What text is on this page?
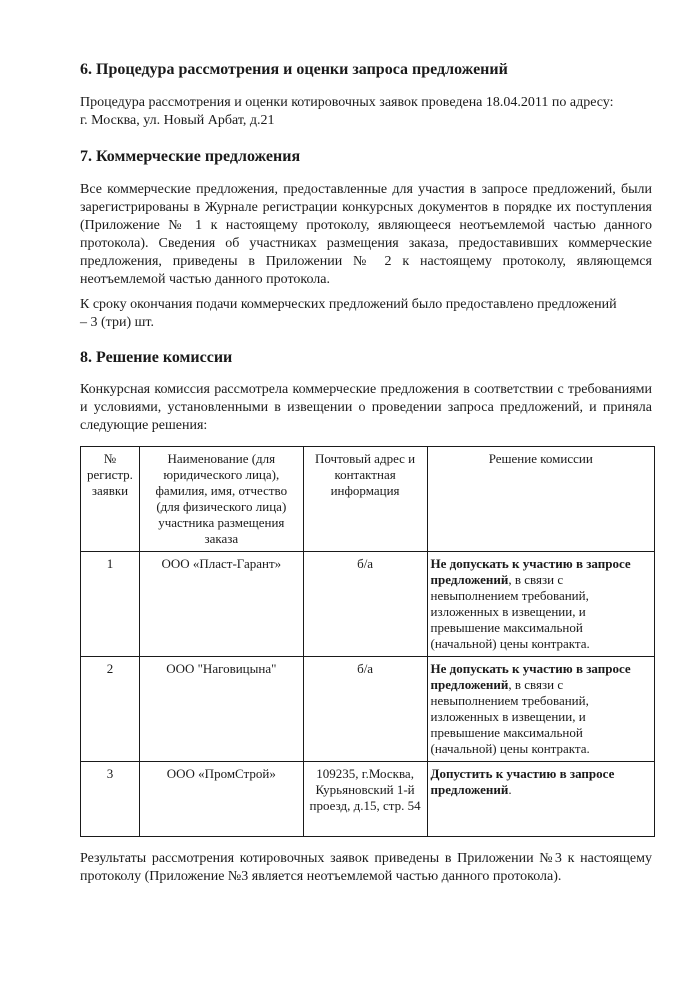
6. Процедура рассмотрения и оценки запроса предложений
Процедура рассмотрения и оценки котировочных заявок проведена 18.04.2011 по адресу:
г. Москва, ул. Новый Арбат, д.21
7. Коммерческие предложения

Все коммерческие предложения, предоставленные для участия в запросе предложений, были зарегистрированы в Журнале регистрации конкурсных документов в порядке их поступления (Приложение № 1 к настоящему протоколу, являющееся неотъемлемой частью данного протокола). Сведения об участниках размещения заказа, предоставивших коммерческие предложения, приведены в Приложении № 2 к настоящему протоколу, являющемся неотъемлемой частью данного протокола.

К сроку окончания подачи коммерческих предложений было предоставлено предложений
– 3 (три) шт.
8. Решение комиссии

Конкурсная комиссия рассмотрела коммерческие предложения в соответствии с требованиями и условиями, установленными в извещении о проведении запроса предложений, и приняла следующие решения:

№ регистр. заявки	Наименование (для юридического лица), фамилия, имя, отчество (для физического лица) участника размещения заказа	Почтовый адрес и контактная информация	Решение комиссии
1	ООО «Пласт-Гарант»	б/а	Не допускать к участию в запросе предложений, в связи с невыполнением требований, изложенных в извещении, и превышение максимальной (начальной) цены контракта.
2	ООО "Наговицына"	б/а	Не допускать к участию в запросе предложений, в связи с невыполнением требований, изложенных в извещении, и превышение максимальной (начальной) цены контракта.
3	ООО «ПромСтрой»	109235, г.Москва, Курьяновский 1-й проезд, д.15, стр. 54	Допустить к участию в запросе предложений.

Результаты рассмотрения котировочных заявок приведены в Приложении №3 к настоящему протоколу (Приложение №3 является неотъемлемой частью данного протокола).
